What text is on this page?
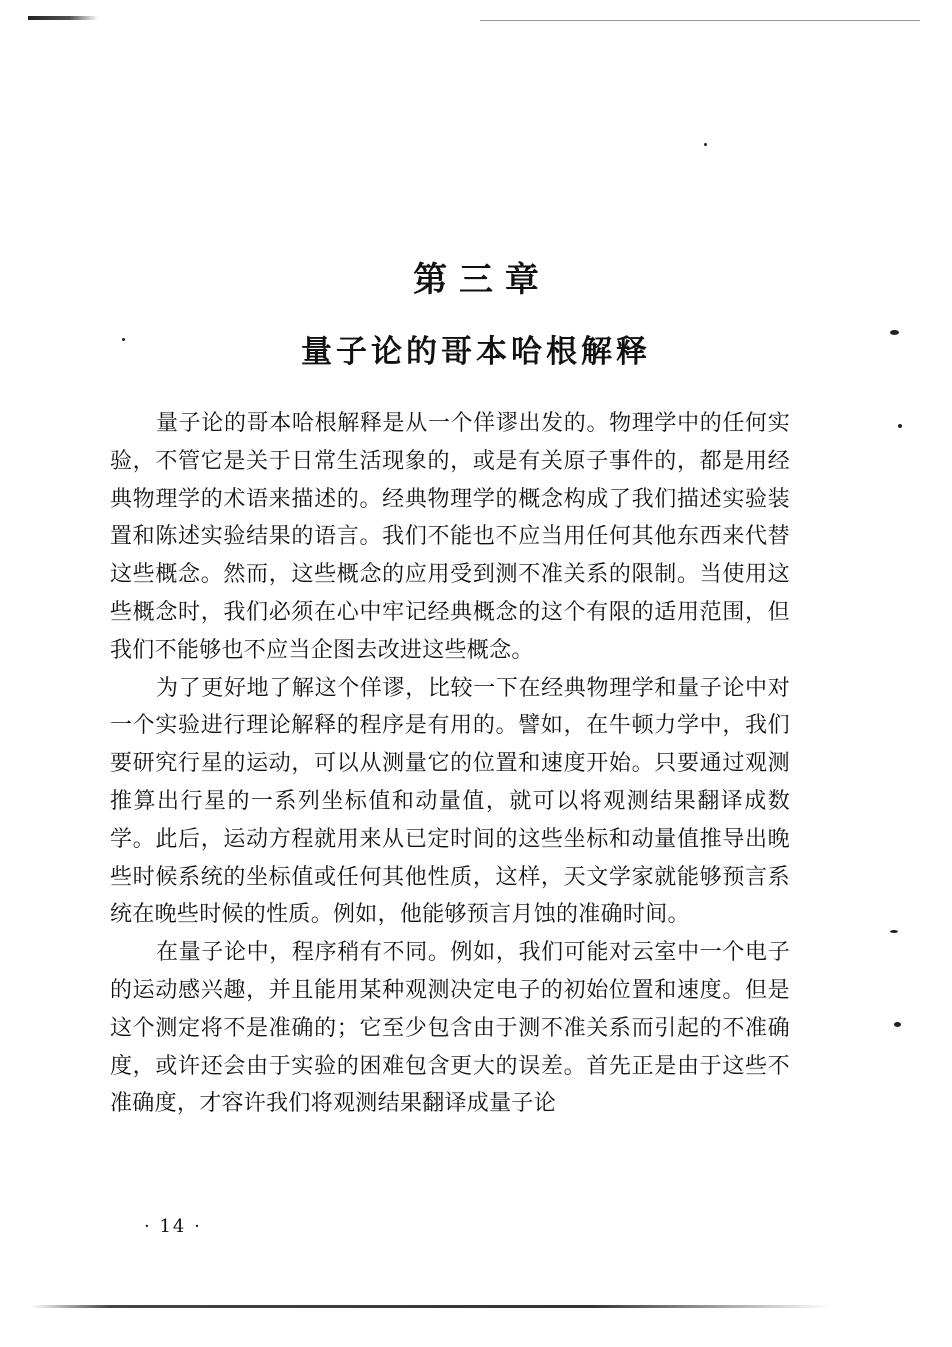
第 三 章
量子论的哥本哈根解释

量子论的哥本哈根解释是从一个佯谬出发的。物理学中的任何实验，不管它是关于日常生活现象的，或是有关原子事件的，都是用经典物理学的术语来描述的。经典物理学的概念构成了我们描述实验装置和陈述实验结果的语言。我们不能也不应当用任何其他东西来代替这些概念。然而，这些概念的应用受到测不准关系的限制。当使用这些概念时，我们必须在心中牢记经典概念的这个有限的适用范围，但我们不能够也不应当企图去改进这些概念。

为了更好地了解这个佯谬，比较一下在经典物理学和量子论中对一个实验进行理论解释的程序是有用的。譬如，在牛顿力学中，我们要研究行星的运动，可以从测量它的位置和速度开始。只要通过观测推算出行星的一系列坐标值和动量值，就可以将观测结果翻译成数学。此后，运动方程就用来从已定时间的这些坐标和动量值推导出晚些时候系统的坐标值或任何其他性质，这样，天文学家就能够预言系统在晚些时候的性质。例如，他能够预言月蚀的准确时间。

在量子论中，程序稍有不同。例如，我们可能对云室中一个电子的运动感兴趣，并且能用某种观测决定电子的初始位置和速度。但是这个测定将不是准确的；它至少包含由于测不准关系而引起的不准确度，或许还会由于实验的困难包含更大的误差。首先正是由于这些不准确度，才容许我们将观测结果翻译成量子论

· 14 ·
